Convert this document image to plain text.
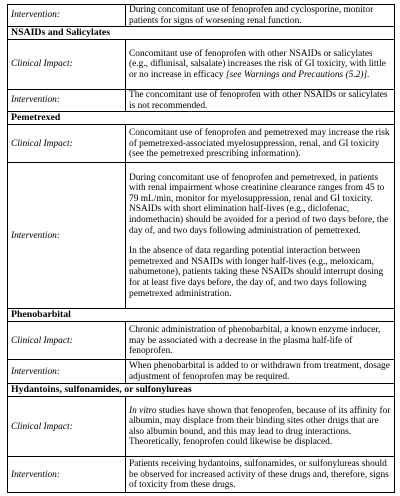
Intervention:	During concomitant use of fenoprofen and cyclosporine, monitor patients for signs of worsening renal function.
NSAIDs and Salicylates	
Clinical Impact:	Concomitant use of fenoprofen with other NSAIDs or salicylates (e.g., diflunisal, salsalate) increases the risk of GI toxicity, with little or no increase in efficacy [see Warnings and Precautions (5.2)].
Intervention:	The concomitant use of fenoprofen with other NSAIDs or salicylates is not recommended.
Pemetrexed	
Clinical Impact:	Concomitant use of fenoprofen and pemetrexed may increase the risk of pemetrexed-associated myelosuppression, renal, and GI toxicity (see the pemetrexed prescribing information).
Intervention:	During concomitant use of fenoprofen and pemetrexed, in patients with renal impairment whose creatinine clearance ranges from 45 to 79 mL/min, monitor for myelosuppression, renal and GI toxicity.
NSAIDs with short elimination half-lives (e.g., diclofenac, indomethacin) should be avoided for a period of two days before, the day of, and two days following administration of pemetrexed.
In the absence of data regarding potential interaction between pemetrexed and NSAIDs with longer half-lives (e.g., meloxicam, nabumetone), patients taking these NSAIDs should interrupt dosing for at least five days before, the day of, and two days following pemetrexed administration.

Phenobarbital	
Clinical Impact:	Chronic administration of phenobarbital, a known enzyme inducer, may be associated with a decrease in the plasma half-life of fenoprofen.
Intervention:	When phenobarbital is added to or withdrawn from treatment, dosage adjustment of fenoprofen may be required.
Hydantoins, sulfonamides, or sulfonylureas	
Clinical Impact:	In vitro studies have shown that fenoprofen, because of its affinity for albumin, may displace from their binding sites other drugs that are also albumin bound, and this may lead to drug interactions. Theoretically, fenoprofen could likewise be displaced.
Intervention:	Patients receiving hydantoins, sulfonamides, or sulfonylureas should be observed for increased activity of these drugs and, therefore, signs of toxicity from these drugs.
